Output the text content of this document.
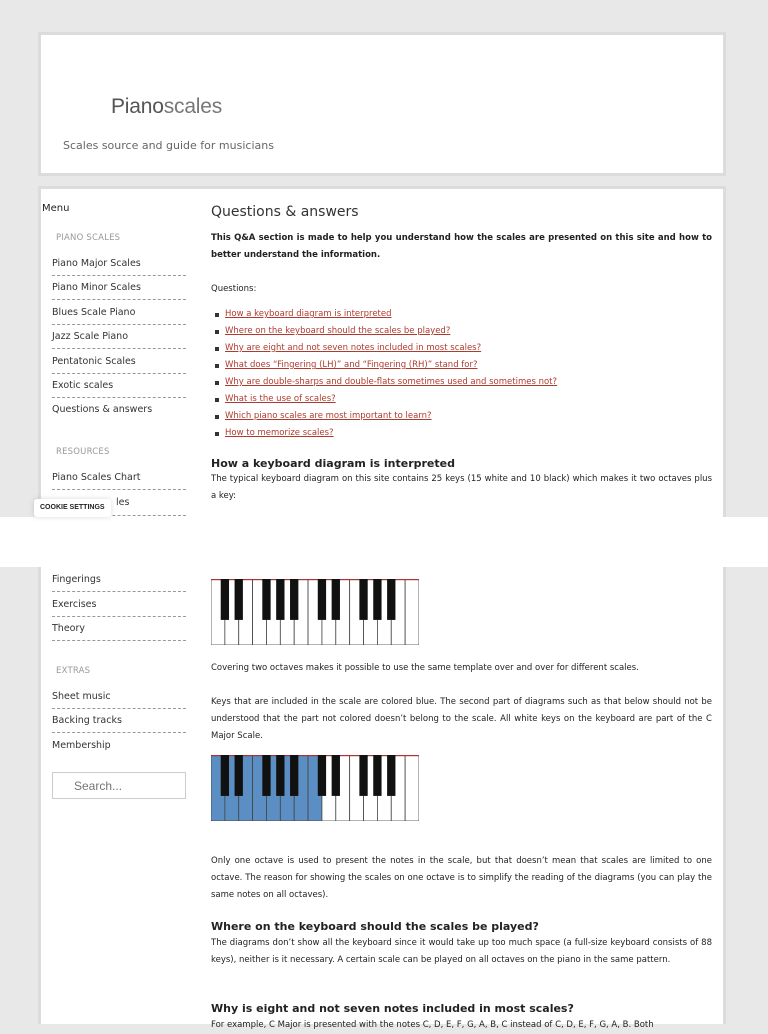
Pianoscales
Scales source and guide for musicians
Menu
PIANO SCALES
Piano Major Scales
Piano Minor Scales
Blues Scale Piano
Jazz Scale Piano
Pentatonic Scales
Exotic scales
Questions & answers
RESOURCES
Piano Scales Chart
les
COOKIE SETTINGS
Fingerings
Exercises
Theory
EXTRAS
Sheet music
Backing tracks
Membership
Search...
Questions & answers
This Q&A section is made to help you understand how the scales are presented on this site and how to better understand the information.
Questions:
How a keyboard diagram is interpreted
Where on the keyboard should the scales be played?
Why are eight and not seven notes included in most scales?
What does “Fingering (LH)” and “Fingering (RH)” stand for?
Why are double-sharps and double-flats sometimes used and sometimes not?
What is the use of scales?
Which piano scales are most important to learn?
How to memorize scales?
How a keyboard diagram is interpreted
The typical keyboard diagram on this site contains 25 keys (15 white and 10 black) which makes it two octaves plus a key:
Covering two octaves makes it possible to use the same template over and over for different scales.
Keys that are included in the scale are colored blue. The second part of diagrams such as that below should not be understood that the part not colored doesn’t belong to the scale. All white keys on the keyboard are part of the C Major Scale.
Only one octave is used to present the notes in the scale, but that doesn’t mean that scales are limited to one octave. The reason for showing the scales on one octave is to simplify the reading of the diagrams (you can play the same notes on all octaves).
Where on the keyboard should the scales be played?
The diagrams don’t show all the keyboard since it would take up too much space (a full-size keyboard consists of 88 keys), neither is it necessary. A certain scale can be played on all octaves on the piano in the same pattern.
Why is eight and not seven notes included in most scales?
For example, C Major is presented with the notes C, D, E, F, G, A, B, C instead of C, D, E, F, G, A, B. Both
